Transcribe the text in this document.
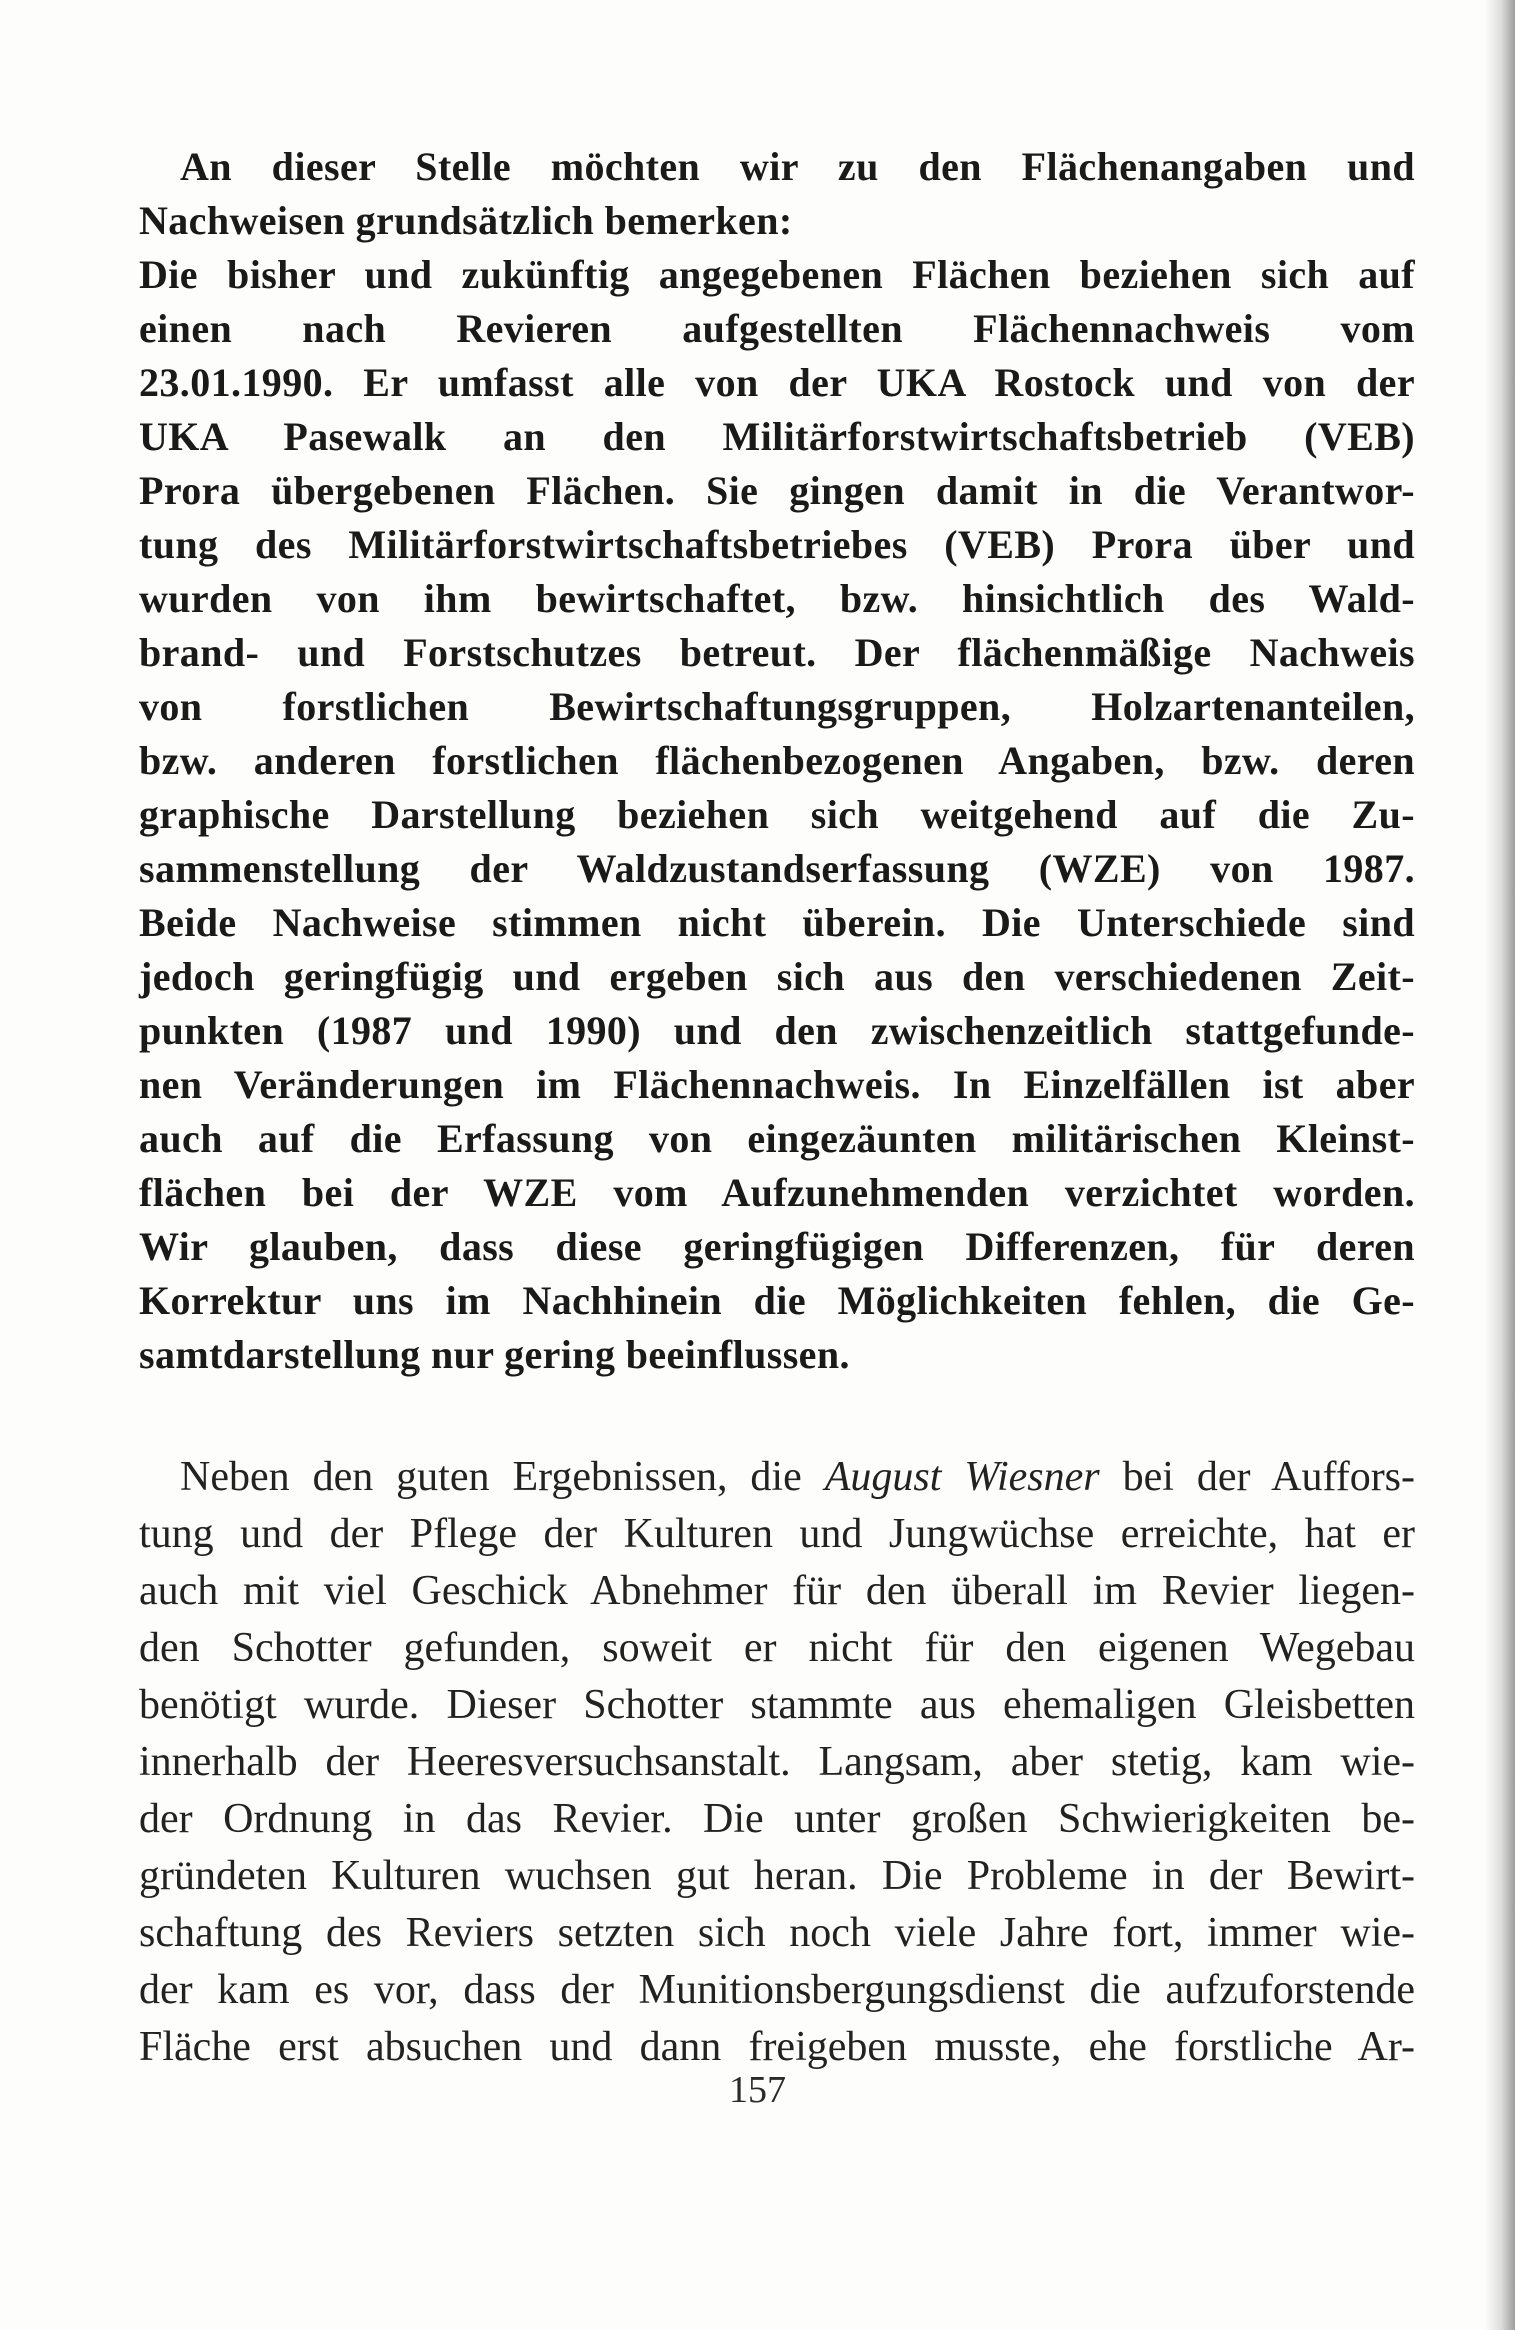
An dieser Stelle möchten wir zu den Flächenangaben und
Nachweisen grundsätzlich bemerken:
Die bisher und zukünftig angegebenen Flächen beziehen sich auf
einen nach Revieren aufgestellten Flächennachweis vom
23.01.1990. Er umfasst alle von der UKA Rostock und von der
UKA Pasewalk an den Militärforstwirtschaftsbetrieb (VEB)
Prora übergebenen Flächen. Sie gingen damit in die Verantwor-
tung des Militärforstwirtschaftsbetriebes (VEB) Prora über und
wurden von ihm bewirtschaftet, bzw. hinsichtlich des Wald-
brand- und Forstschutzes betreut. Der flächenmäßige Nachweis
von forstlichen Bewirtschaftungsgruppen, Holzartenanteilen,
bzw. anderen forstlichen flächenbezogenen Angaben, bzw. deren
graphische Darstellung beziehen sich weitgehend auf die Zu-
sammenstellung der Waldzustandserfassung (WZE) von 1987.
Beide Nachweise stimmen nicht überein. Die Unterschiede sind
jedoch geringfügig und ergeben sich aus den verschiedenen Zeit-
punkten (1987 und 1990) und den zwischenzeitlich stattgefunde-
nen Veränderungen im Flächennachweis. In Einzelfällen ist aber
auch auf die Erfassung von eingezäunten militärischen Kleinst-
flächen bei der WZE vom Aufzunehmenden verzichtet worden.
Wir glauben, dass diese geringfügigen Differenzen, für deren
Korrektur uns im Nachhinein die Möglichkeiten fehlen, die Ge-
samtdarstellung nur gering beeinflussen.
Neben den guten Ergebnissen, die August Wiesner bei der Auffors-
tung und der Pflege der Kulturen und Jungwüchse erreichte, hat er
auch mit viel Geschick Abnehmer für den überall im Revier liegen-
den Schotter gefunden, soweit er nicht für den eigenen Wegebau
benötigt wurde. Dieser Schotter stammte aus ehemaligen Gleisbetten
innerhalb der Heeresversuchsanstalt. Langsam, aber stetig, kam wie-
der Ordnung in das Revier. Die unter großen Schwierigkeiten be-
gründeten Kulturen wuchsen gut heran. Die Probleme in der Bewirt-
schaftung des Reviers setzten sich noch viele Jahre fort, immer wie-
der kam es vor, dass der Munitionsbergungsdienst die aufzuforstende
Fläche erst absuchen und dann freigeben musste, ehe forstliche Ar-
157
